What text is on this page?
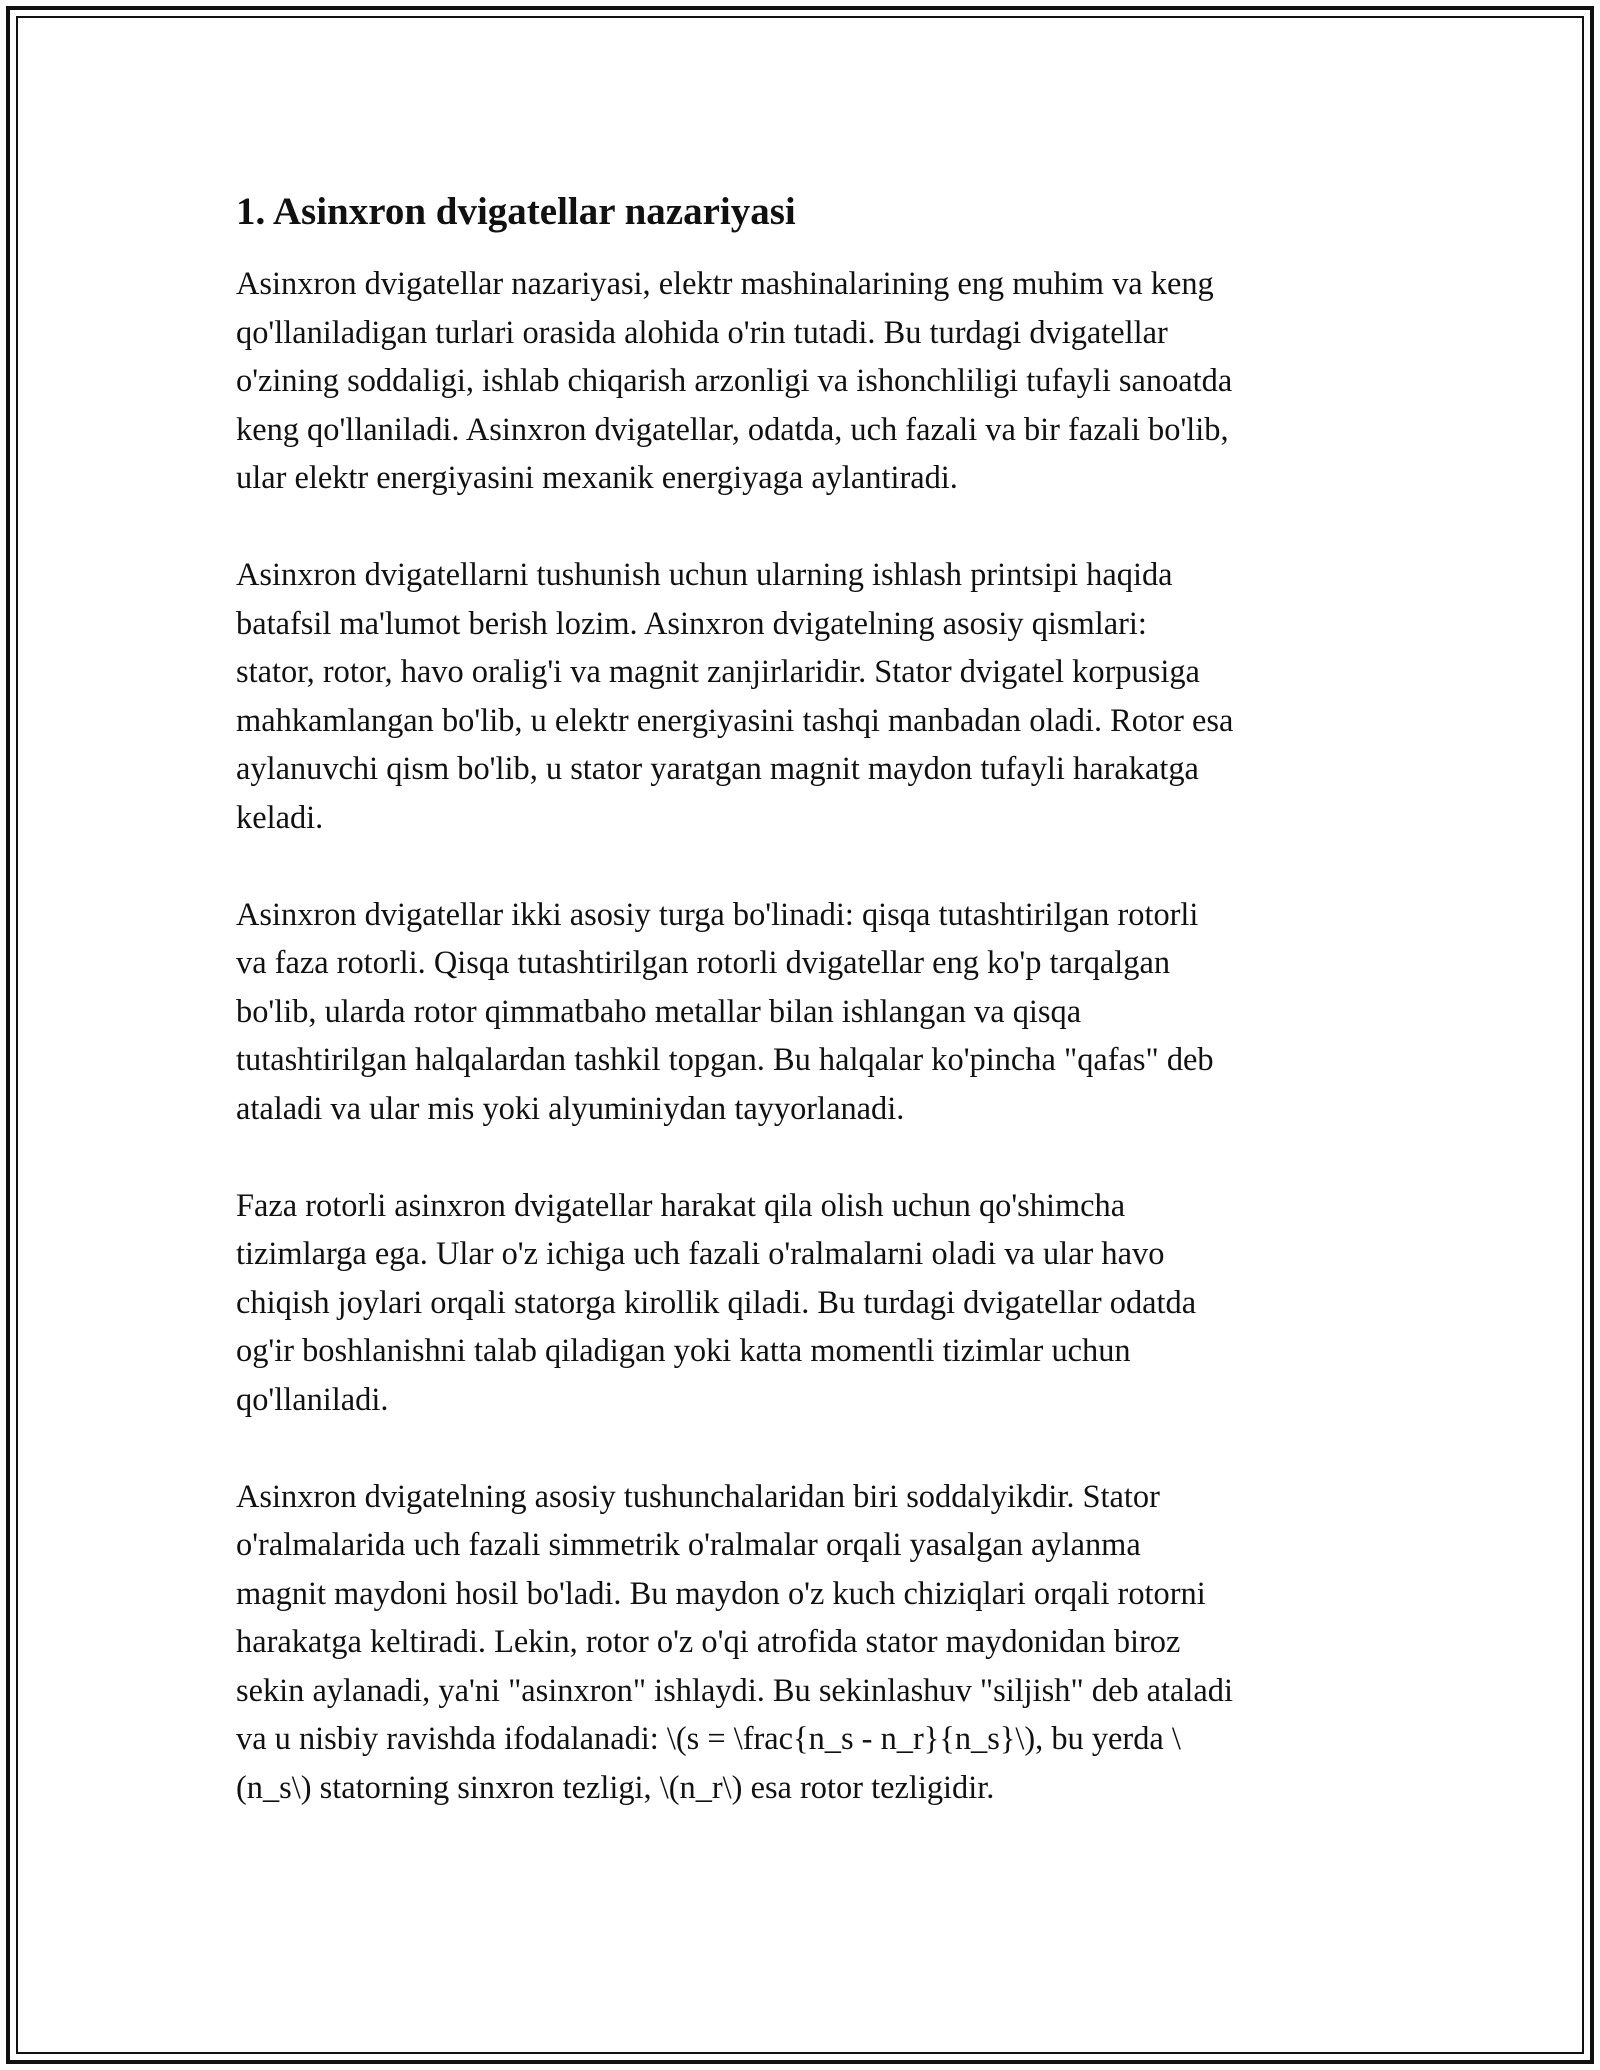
1. Asinxron dvigatellar nazariyasi

Asinxron dvigatellar nazariyasi, elektr mashinalarining eng muhim va keng
qo'llaniladigan turlari orasida alohida o'rin tutadi. Bu turdagi dvigatellar
o'zining soddaligi, ishlab chiqarish arzonligi va ishonchliligi tufayli sanoatda
keng qo'llaniladi. Asinxron dvigatellar, odatda, uch fazali va bir fazali bo'lib,
ular elektr energiyasini mexanik energiyaga aylantiradi.

Asinxron dvigatellarni tushunish uchun ularning ishlash printsipi haqida
batafsil ma'lumot berish lozim. Asinxron dvigatelning asosiy qismlari:
stator, rotor, havo oralig'i va magnit zanjirlaridir. Stator dvigatel korpusiga
mahkamlangan bo'lib, u elektr energiyasini tashqi manbadan oladi. Rotor esa
aylanuvchi qism bo'lib, u stator yaratgan magnit maydon tufayli harakatga
keladi.

Asinxron dvigatellar ikki asosiy turga bo'linadi: qisqa tutashtirilgan rotorli
va faza rotorli. Qisqa tutashtirilgan rotorli dvigatellar eng ko'p tarqalgan
bo'lib, ularda rotor qimmatbaho metallar bilan ishlangan va qisqa
tutashtirilgan halqalardan tashkil topgan. Bu halqalar ko'pincha "qafas" deb
ataladi va ular mis yoki alyuminiydan tayyorlanadi.

Faza rotorli asinxron dvigatellar harakat qila olish uchun qo'shimcha
tizimlarga ega. Ular o'z ichiga uch fazali o'ralmalarni oladi va ular havo
chiqish joylari orqali statorga kirollik qiladi. Bu turdagi dvigatellar odatda
og'ir boshlanishni talab qiladigan yoki katta momentli tizimlar uchun
qo'llaniladi.

Asinxron dvigatelning asosiy tushunchalaridan biri soddalyikdir. Stator
o'ralmalarida uch fazali simmetrik o'ralmalar orqali yasalgan aylanma
magnit maydoni hosil bo'ladi. Bu maydon o'z kuch chiziqlari orqali rotorni
harakatga keltiradi. Lekin, rotor o'z o'qi atrofida stator maydonidan biroz
sekin aylanadi, ya'ni "asinxron" ishlaydi. Bu sekinlashuv "siljish" deb ataladi
va u nisbiy ravishda ifodalanadi: \(s = \frac{n_s - n_r}{n_s}\), bu yerda \
(n_s\) statorning sinxron tezligi, \(n_r\) esa rotor tezligidir.
